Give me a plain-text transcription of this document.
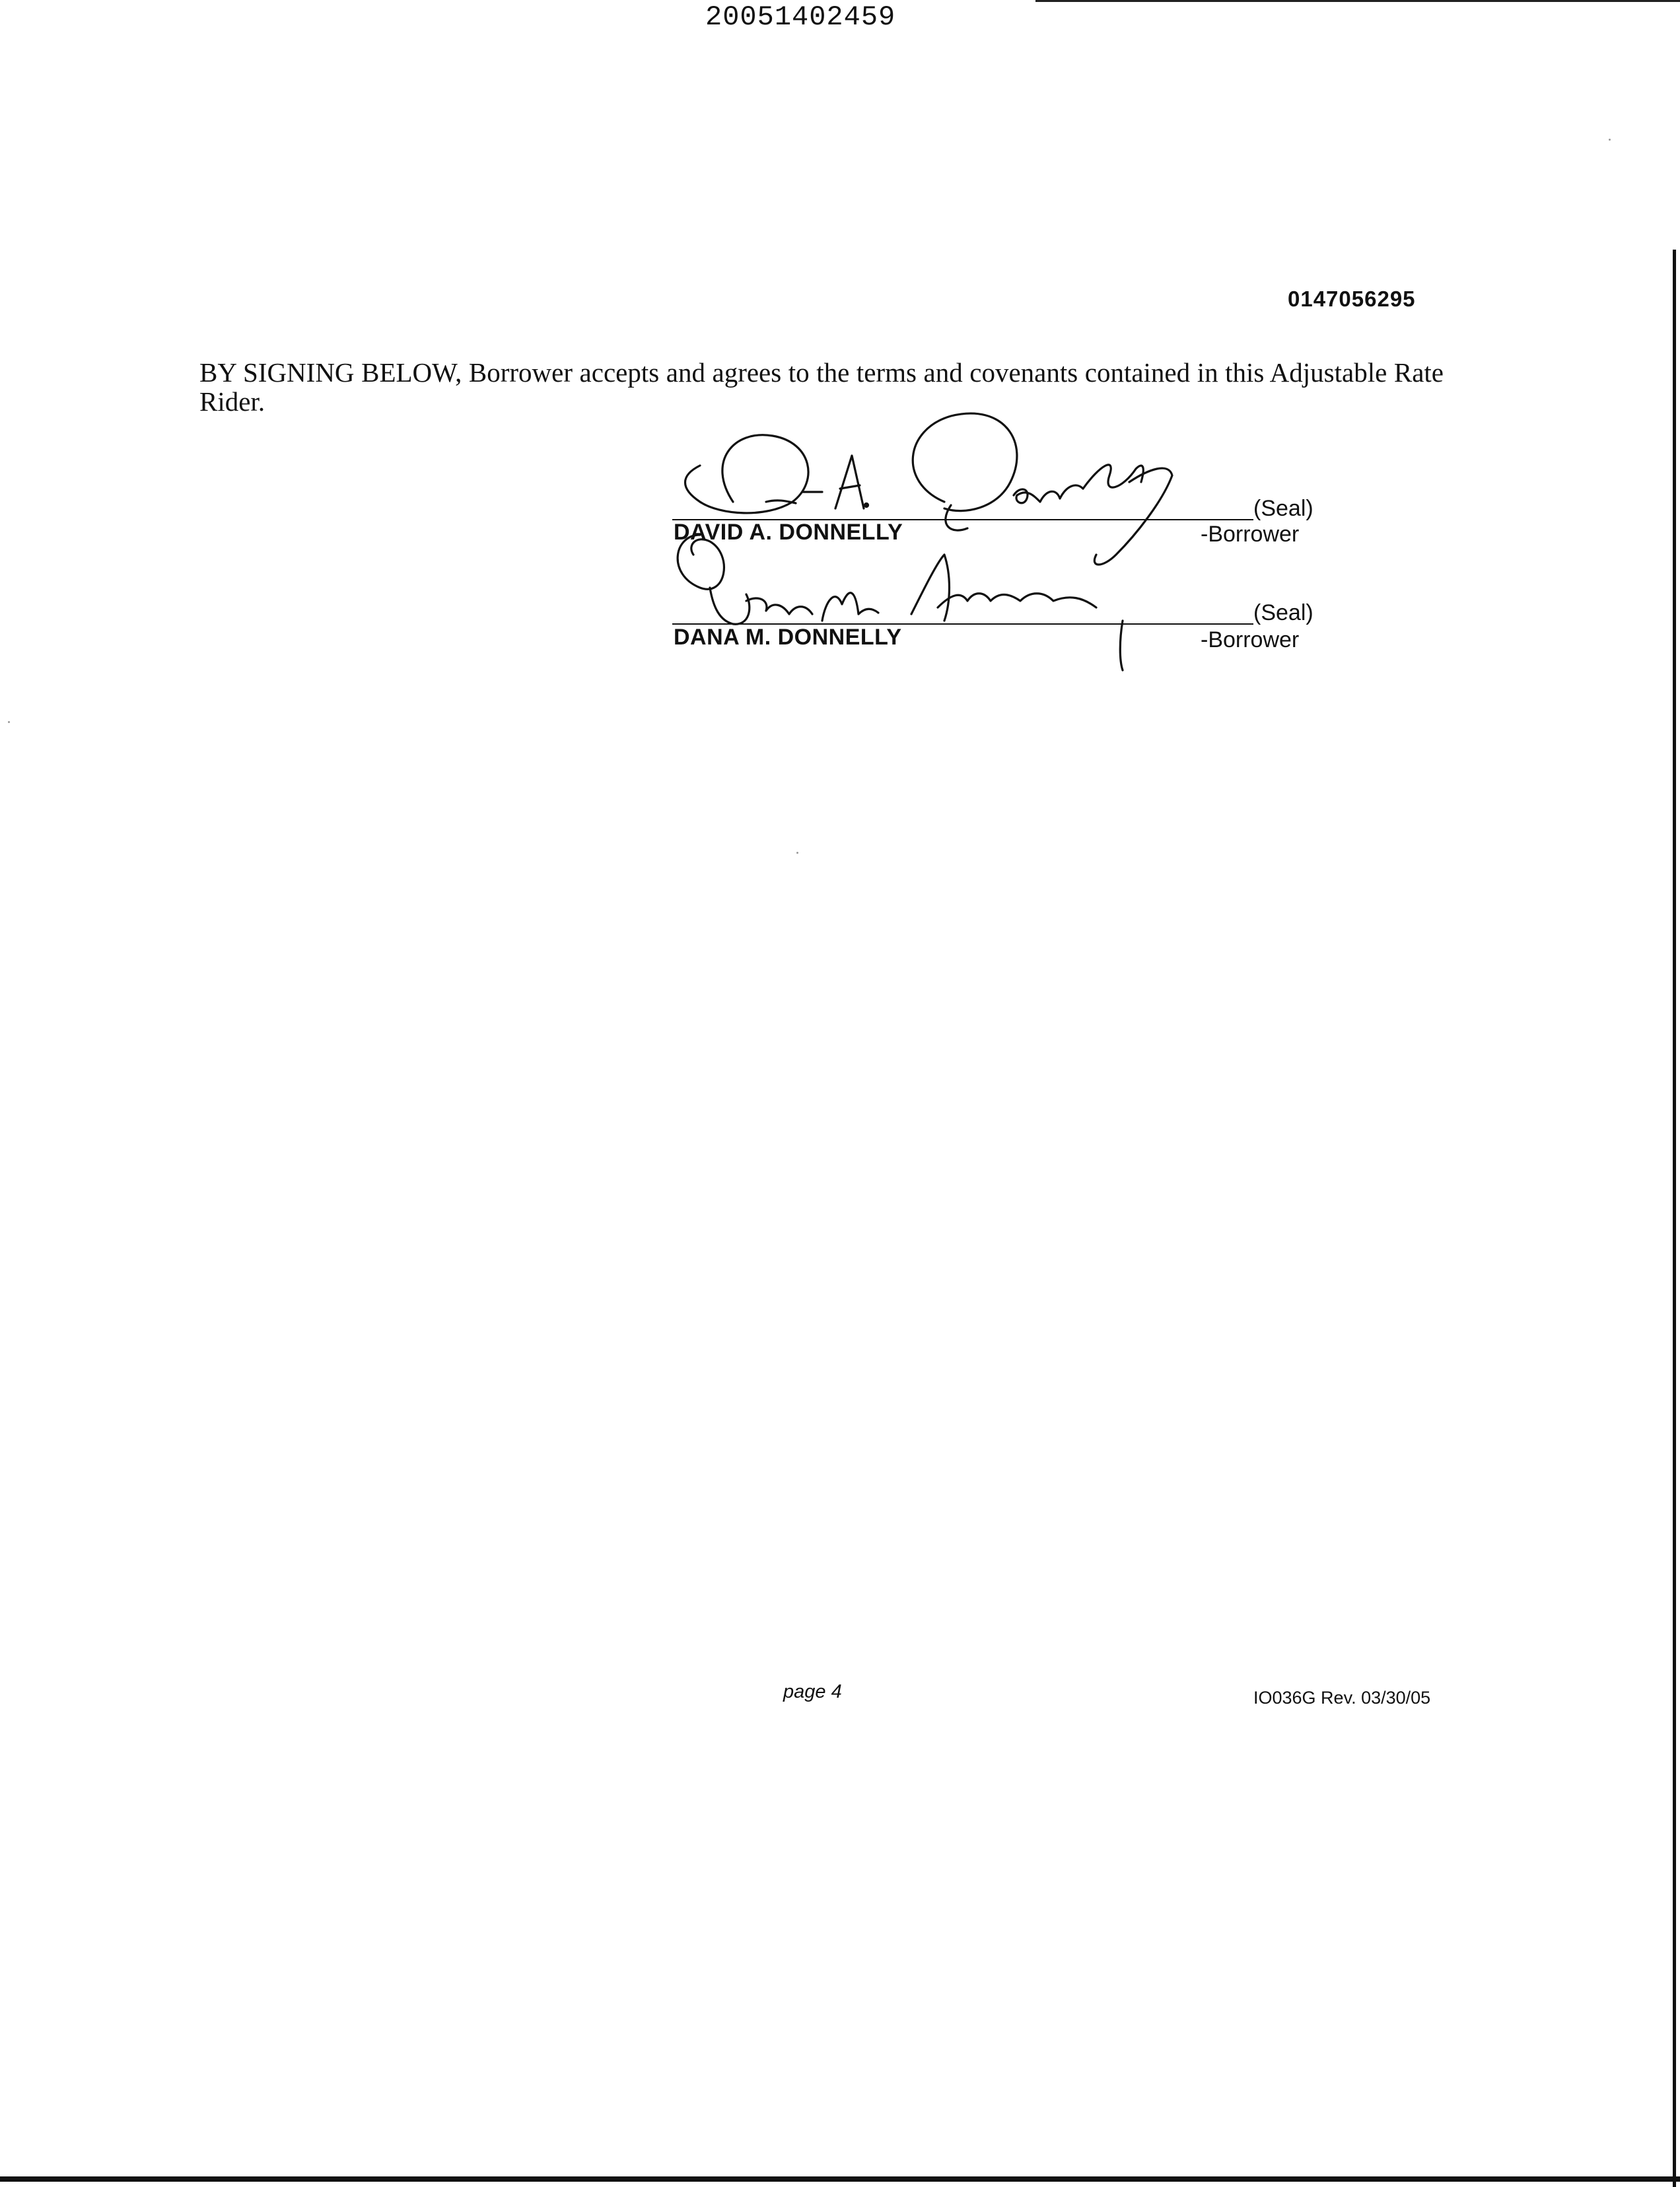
20051402459
0147056295
BY SIGNING BELOW, Borrower accepts and agrees to the terms and covenants contained in this Adjustable Rate Rider.
DAVID A. DONNELLY
(Seal)
-Borrower
DANA M. DONNELLY
(Seal)
-Borrower
page 4	IO036G Rev. 03/30/05
